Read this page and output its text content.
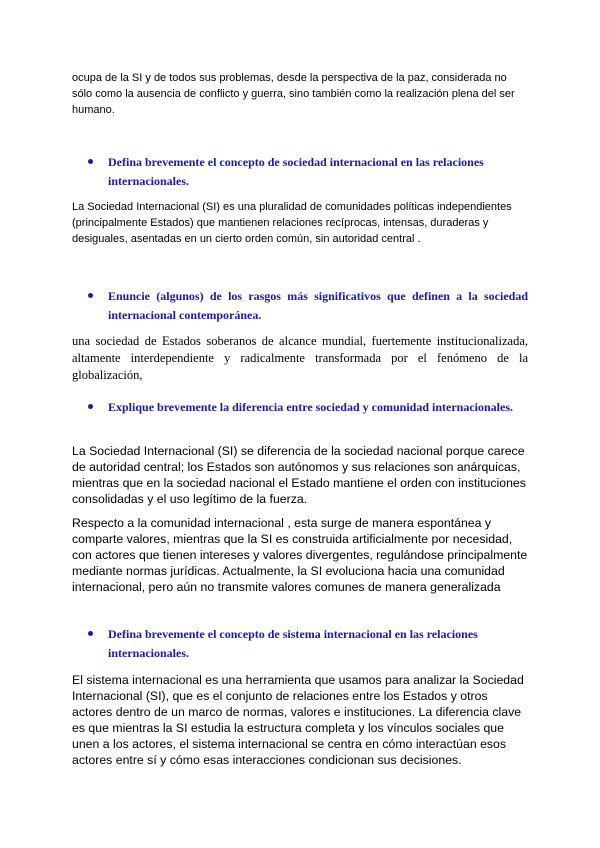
ocupa de la SI y de todos sus problemas, desde la perspectiva de la paz, considerada no sólo como la ausencia de conflicto y guerra, sino también como la realización plena del ser humano.

Defina brevemente el concepto de sociedad internacional en las relaciones internacionales.

La Sociedad Internacional (SI) es una pluralidad de comunidades políticas independientes (principalmente Estados) que mantienen relaciones recíprocas, intensas, duraderas y desiguales, asentadas en un cierto orden común, sin autoridad central .

Enuncie (algunos) de los rasgos más significativos que definen a la sociedad internacional contemporánea.

una sociedad de Estados soberanos de alcance mundial, fuertemente institucionalizada, altamente interdependiente y radicalmente transformada por el fenómeno de la globalización,

Explique brevemente la diferencia entre sociedad y comunidad internacionales.

La Sociedad Internacional (SI) se diferencia de la sociedad nacional porque carece de autoridad central; los Estados son autónomos y sus relaciones son anárquicas, mientras que en la sociedad nacional el Estado mantiene el orden con instituciones consolidadas y el uso legítimo de la fuerza.

Respecto a la comunidad internacional , esta surge de manera espontánea y comparte valores, mientras que la SI es construida artificialmente por necesidad, con actores que tienen intereses y valores divergentes, regulándose principalmente mediante normas jurídicas. Actualmente, la SI evoluciona hacia una comunidad internacional, pero aún no transmite valores comunes de manera generalizada

Defina brevemente el concepto de sistema internacional en las relaciones internacionales.

El sistema internacional es una herramienta que usamos para analizar la Sociedad Internacional (SI), que es el conjunto de relaciones entre los Estados y otros actores dentro de un marco de normas, valores e instituciones. La diferencia clave es que mientras la SI estudia la estructura completa y los vínculos sociales que unen a los actores, el sistema internacional se centra en cómo interactúan esos actores entre sí y cómo esas interacciones condicionan sus decisiones.
